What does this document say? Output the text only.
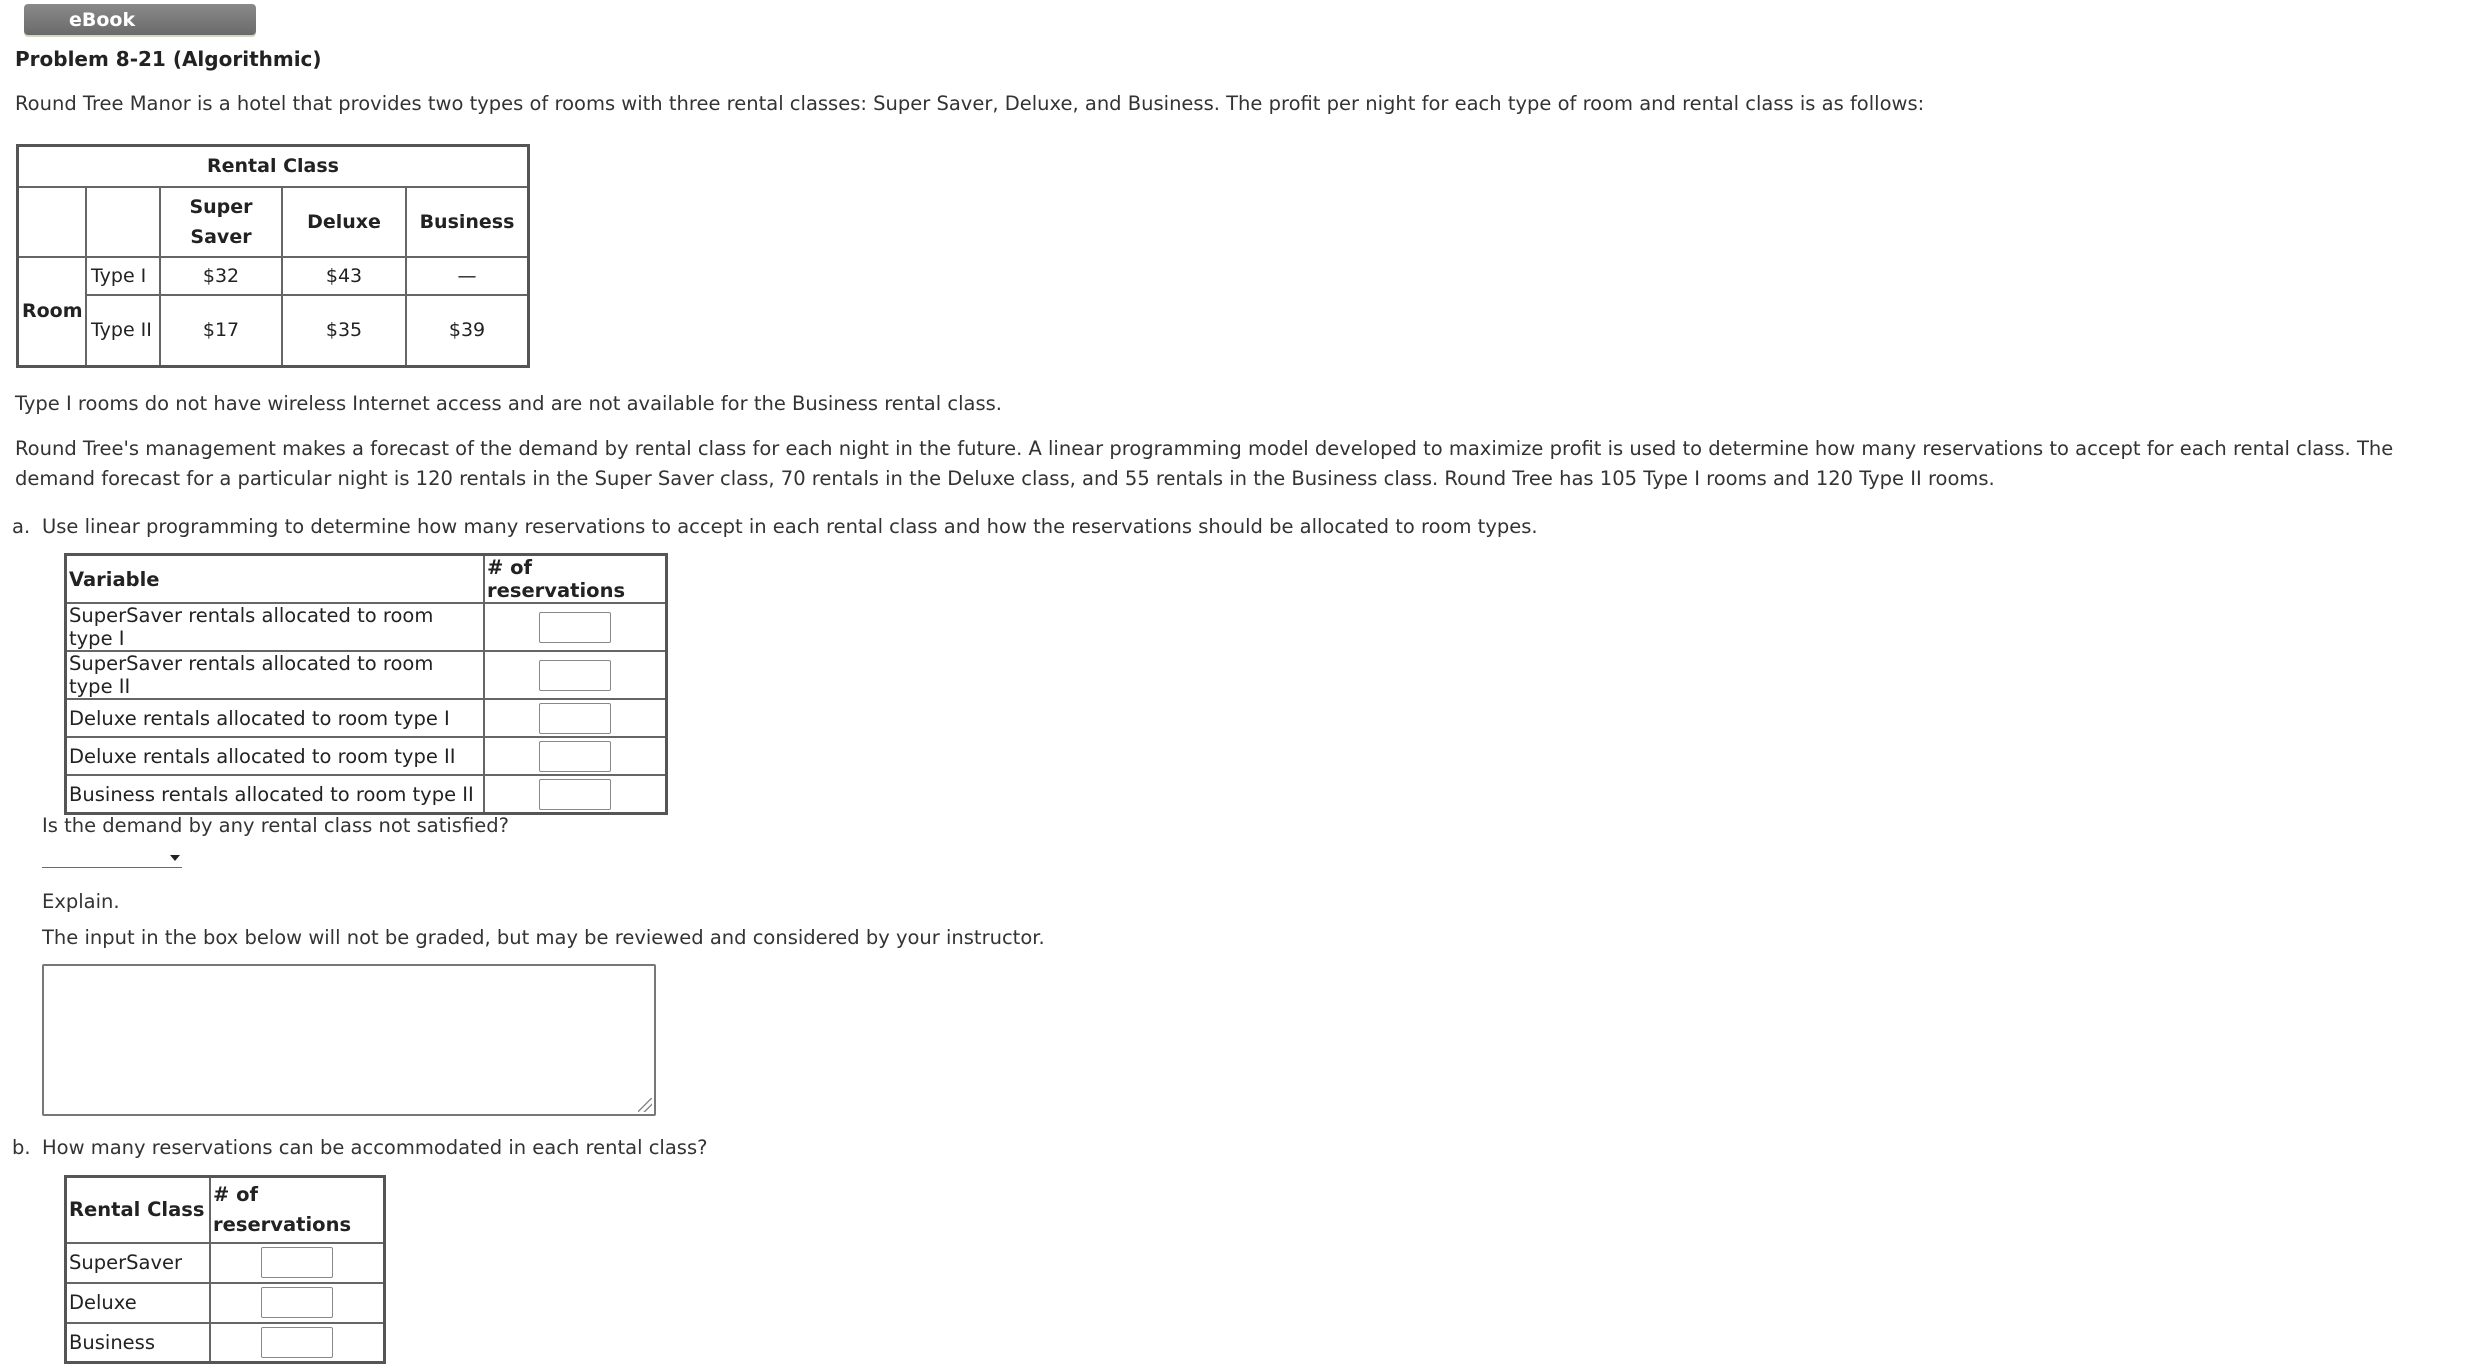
eBook
Problem 8-21 (Algorithmic)
Round Tree Manor is a hotel that provides two types of rooms with three rental classes: Super Saver, Deluxe, and Business. The profit per night for each type of room and rental class is as follows:
Rental Class				
		Super Saver	Deluxe	Business
Room	Type I	$32	$43	—
	Type II	$17	$35	$39
Type I rooms do not have wireless Internet access and are not available for the Business rental class.
Round Tree's management makes a forecast of the demand by rental class for each night in the future. A linear programming model developed to maximize profit is used to determine how many reservations to accept for each rental class. The demand forecast for a particular night is 120 rentals in the Super Saver class, 70 rentals in the Deluxe class, and 55 rentals in the Business class. Round Tree has 105 Type I rooms and 120 Type II rooms.
a. Use linear programming to determine how many reservations to accept in each rental class and how the reservations should be allocated to room types.
Variable	# of reservations
SuperSaver rentals allocated to room type I	

SuperSaver rentals allocated to room type II	

Deluxe rentals allocated to room type I	

Deluxe rentals allocated to room type II	

Business rentals allocated to room type II	
Is the demand by any rental class not satisfied?
Explain.
The input in the box below will not be graded, but may be reviewed and considered by your instructor.
b. How many reservations can be accommodated in each rental class?
Rental Class	# of reservations
SuperSaver	

Deluxe	

Business	
